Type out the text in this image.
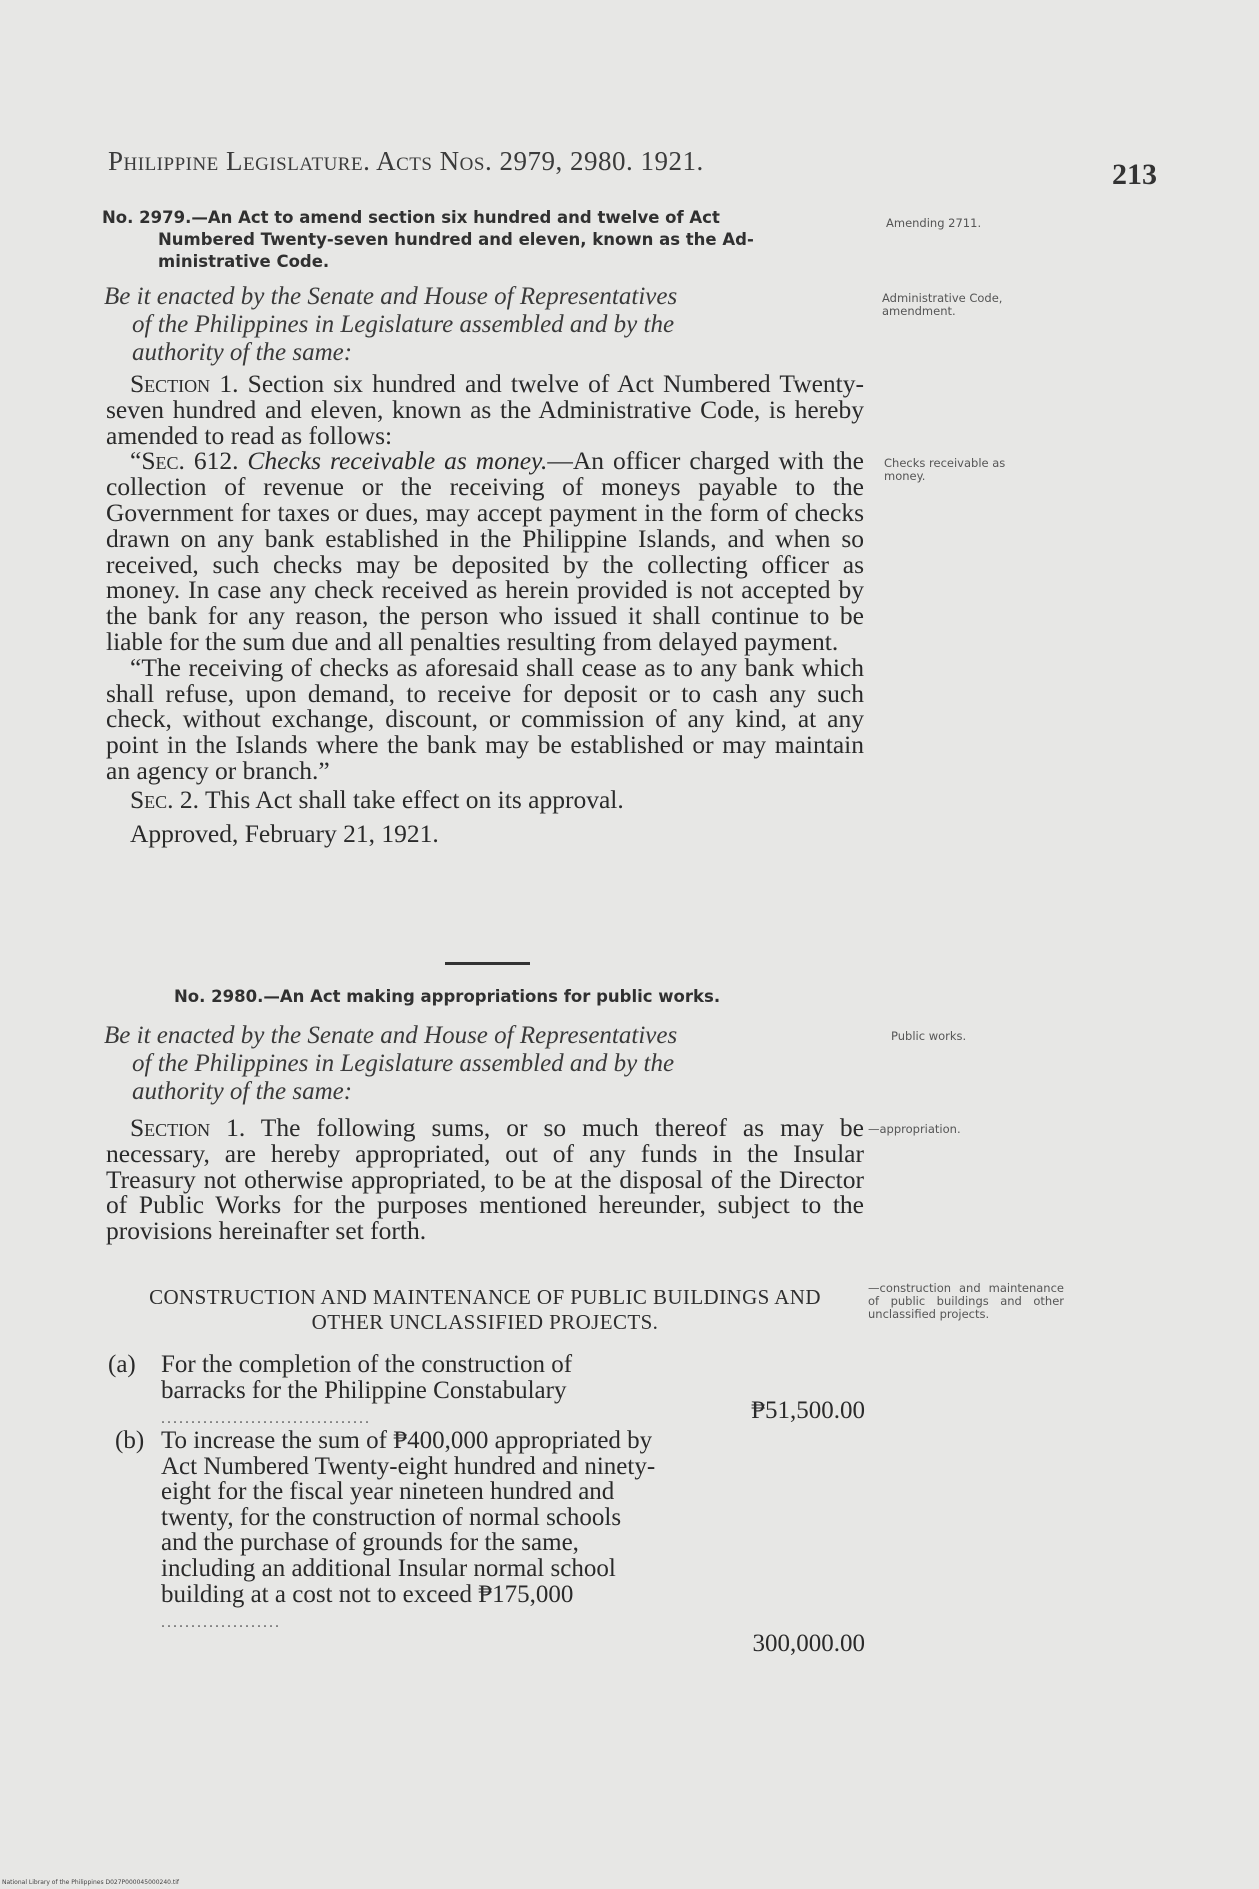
Philippine Legislature. Acts Nos. 2979, 2980. 1921.	213
No. 2979.—An Act to amend section six hundred and twelve of Act
Numbered Twenty-seven hundred and eleven, known as the Ad-
ministrative Code.
Be it enacted by the Senate and House of Representatives
of the Philippines in Legislature assembled and by the
authority of the same:

Section 1. Section six hundred and twelve of Act Numbered Twenty-seven hundred and eleven, known as the Administrative Code, is hereby amended to read as follows:

“Sec. 612. Checks receivable as money.—An officer charged with the collection of revenue or the receiving of moneys payable to the Government for taxes or dues, may accept payment in the form of checks drawn on any bank established in the Philippine Islands, and when so received, such checks may be deposited by the collecting officer as money. In case any check received as herein provided is not accepted by the bank for any reason, the person who issued it shall continue to be liable for the sum due and all penalties resulting from delayed payment.

“The receiving of checks as aforesaid shall cease as to any bank which shall refuse, upon demand, to receive for deposit or to cash any such check, without exchange, discount, or commission of any kind, at any point in the Islands where the bank may be established or may maintain an agency or branch.”

Sec. 2. This Act shall take effect on its approval.

Approved, February 21, 1921.

Amending 2711.
Administrative Code, amendment.
Checks receivable as money.
No. 2980.—An Act making appropriations for public works.
Be it enacted by the Senate and House of Representatives
of the Philippines in Legislature assembled and by the
authority of the same:

Section 1. The following sums, or so much thereof as may be necessary, are hereby appropriated, out of any funds in the Insular Treasury not otherwise appropriated, to be at the disposal of the Director of Public Works for the purposes mentioned hereunder, subject to the provisions hereinafter set forth.

CONSTRUCTION AND MAINTENANCE OF PUBLIC BUILDINGS AND
OTHER UNCLASSIFIED PROJECTS.
(a) For the completion of the construction of barracks for the Philippine Constabulary ...................................	₱51,500.00
(b) To increase the sum of ₱400,000 appropriated by Act Numbered Twenty-eight hundred and ninety-eight for the fiscal year nineteen hundred and twenty, for the construction of normal schools and the purchase of grounds for the same, including an additional Insular normal school building at a cost not to exceed ₱175,000 ....................
300,000.00
Public works.
—appropriation.
—construction and maintenance of public buildings and other unclassified projects.
National Library of the Philippines D027P000045000240.tif
